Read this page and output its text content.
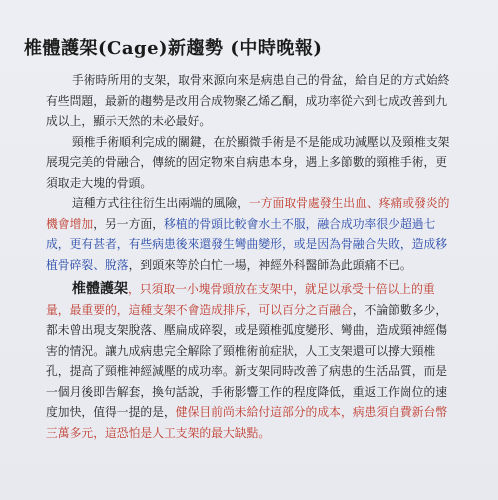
椎體護架(Cage)新趨勢 (中時晚報)

手術時所用的支架，取骨來源向來是病患自己的骨盆，給自足的方式始終有些問題，最新的趨勢是改用合成物聚乙烯乙酮，成功率從六到七成改善到九成以上，顯示天然的未必最好。

頸椎手術順利完成的關鍵，在於顯微手術是不是能成功減壓以及頸椎支架展現完美的骨融合，傳統的固定物來自病患本身，遇上多節數的頸椎手術，更須取走大塊的骨頭。

這種方式往往衍生出兩端的風險，一方面取骨處發生出血、疼痛或發炎的機會增加，另一方面，移植的骨頭比較會水土不服，融合成功率很少超過七成，更有甚者，有些病患後來還發生彎曲變形，或是因為骨融合失敗，造成移植骨碎裂、脫落，到頭來等於白忙一場，神經外科醫師為此頭痛不已。

椎體護架，只須取一小塊骨頭放在支架中，就足以承受十倍以上的重量，最重要的，這種支架不會造成排斥，可以百分之百融合，不論節數多少，都未曾出現支架脫落、壓扁成碎裂，或是頸椎弧度變形、彎曲，造成頸神經傷害的情況。讓九成病患完全解除了頸椎術前症狀，人工支架還可以撐大頸椎孔，提高了頸椎神經減壓的成功率。新支架同時改善了病患的生活品質，而是一個月後即告解套，換句話說，手術影響工作的程度降低，重返工作崗位的速度加快，值得一提的是，健保目前尚未給付這部分的成本，病患須自費新台幣三萬多元，這恐怕是人工支架的最大缺點。
